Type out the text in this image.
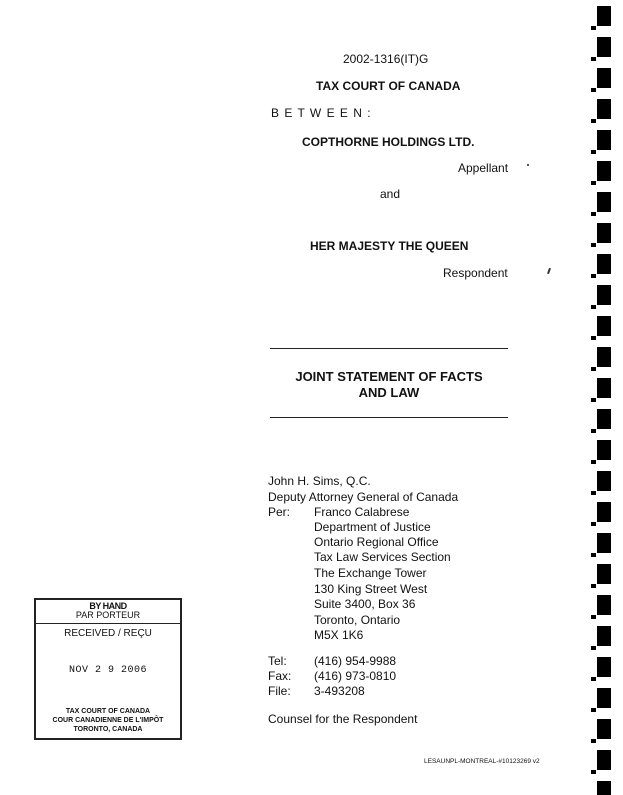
2002-1316(IT)G
TAX COURT OF CANADA
B E T W E E N :
COPTHORNE HOLDINGS LTD.
Appellant
and
HER MAJESTY THE QUEEN
Respondent
JOINT STATEMENT OF FACTS
AND LAW
John H. Sims, Q.C.
Deputy Attorney General of Canada
Per: Franco Calabrese
Department of Justice
Ontario Regional Office
Tax Law Services Section
The Exchange Tower
130 King Street West
Suite 3400, Box 36
Toronto, Ontario
M5X 1K6
Tel: (416) 954-9988
Fax: (416) 973-0810
File: 3-493208
Counsel for the Respondent
LESAUNPL-MONTREAL-#10123269 v2
BY HAND
PAR PORTEUR
RECEIVED / REÇU
NOV 2 9 2006
TAX COURT OF CANADA
COUR CANADIENNE DE L'IMPÔT
TORONTO, CANADA
